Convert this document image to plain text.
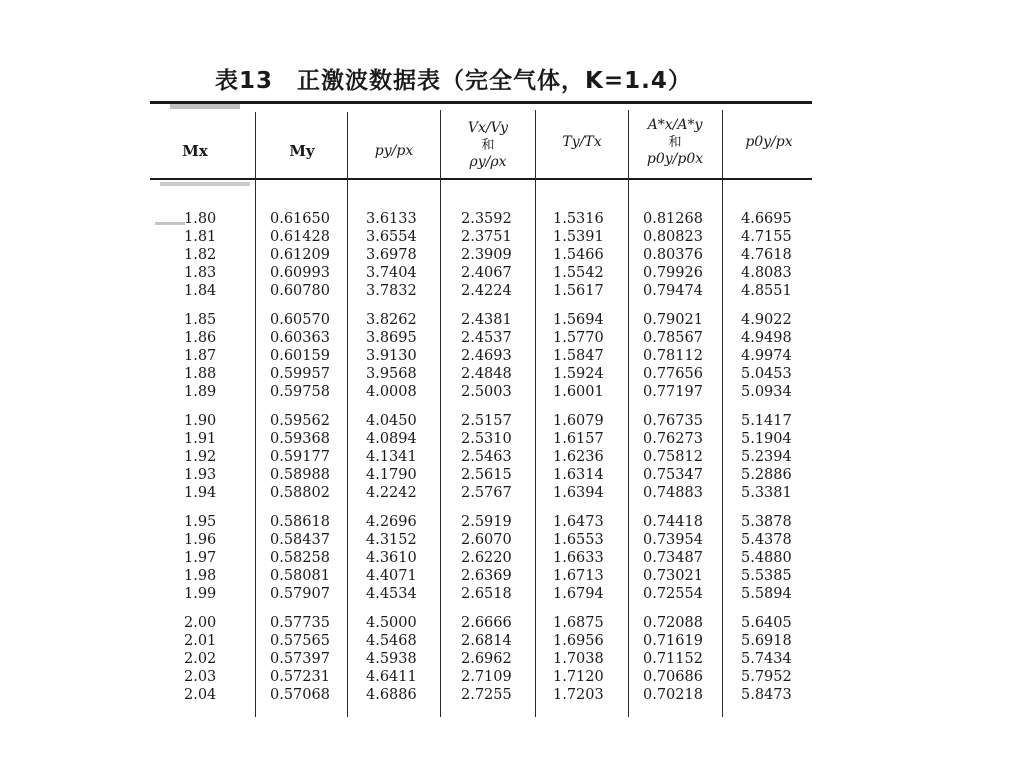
表13　正激波数据表（完全气体，K=1.4）
Mx	My	py/px
Vx/Vy
和
ρy/ρx
Ty/Tx
A*x/A*y
和
p0y/p0x
p0y/px
1.80
1.81
1.82
1.83
1.84
1.85
1.86
1.87
1.88
1.89
1.90
1.91
1.92
1.93
1.94
1.95
1.96
1.97
1.98
1.99
2.00
2.01
2.02
2.03
2.04
0.61650
0.61428
0.61209
0.60993
0.60780
0.60570
0.60363
0.60159
0.59957
0.59758
0.59562
0.59368
0.59177
0.58988
0.58802
0.58618
0.58437
0.58258
0.58081
0.57907
0.57735
0.57565
0.57397
0.57231
0.57068
3.6133
3.6554
3.6978
3.7404
3.7832
3.8262
3.8695
3.9130
3.9568
4.0008
4.0450
4.0894
4.1341
4.1790
4.2242
4.2696
4.3152
4.3610
4.4071
4.4534
4.5000
4.5468
4.5938
4.6411
4.6886
2.3592
2.3751
2.3909
2.4067
2.4224
2.4381
2.4537
2.4693
2.4848
2.5003
2.5157
2.5310
2.5463
2.5615
2.5767
2.5919
2.6070
2.6220
2.6369
2.6518
2.6666
2.6814
2.6962
2.7109
2.7255
1.5316
1.5391
1.5466
1.5542
1.5617
1.5694
1.5770
1.5847
1.5924
1.6001
1.6079
1.6157
1.6236
1.6314
1.6394
1.6473
1.6553
1.6633
1.6713
1.6794
1.6875
1.6956
1.7038
1.7120
1.7203
0.81268
0.80823
0.80376
0.79926
0.79474
0.79021
0.78567
0.78112
0.77656
0.77197
0.76735
0.76273
0.75812
0.75347
0.74883
0.74418
0.73954
0.73487
0.73021
0.72554
0.72088
0.71619
0.71152
0.70686
0.70218
4.6695
4.7155
4.7618
4.8083
4.8551
4.9022
4.9498
4.9974
5.0453
5.0934
5.1417
5.1904
5.2394
5.2886
5.3381
5.3878
5.4378
5.4880
5.5385
5.5894
5.6405
5.6918
5.7434
5.7952
5.8473
